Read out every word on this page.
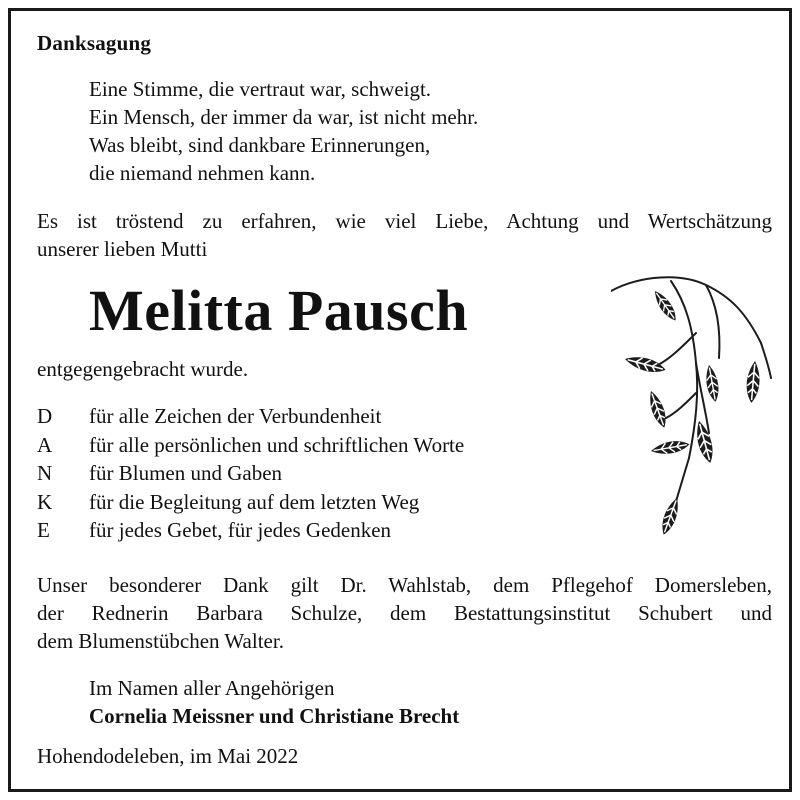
Danksagung
Eine Stimme, die vertraut war, schweigt.
Ein Mensch, der immer da war, ist nicht mehr.
Was bleibt, sind dankbare Erinnerungen,
die niemand nehmen kann.
Es ist tröstend zu erfahren, wie viel Liebe, Achtung und Wertschätzung
unserer lieben Mutti
Melitta Pausch
entgegengebracht wurde.
D	für alle Zeichen der Verbundenheit
A	für alle persönlichen und schriftlichen Worte
N	für Blumen und Gaben
K	für die Begleitung auf dem letzten Weg
E	für jedes Gebet, für jedes Gedenken
Unser besonderer Dank gilt Dr. Wahlstab, dem Pflegehof Domersleben,
der Rednerin Barbara Schulze, dem Bestattungsinstitut Schubert und
dem Blumenstübchen Walter.
Im Namen aller Angehörigen
Cornelia Meissner und Christiane Brecht
Hohendodeleben, im Mai 2022
